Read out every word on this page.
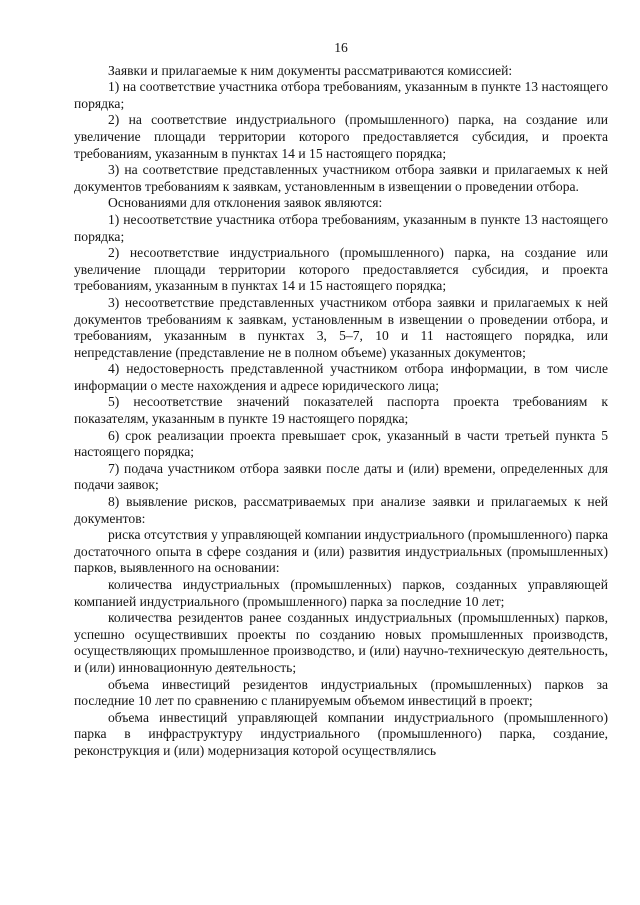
16

Заявки и прилагаемые к ним документы рассматриваются комиссией:

1) на соответствие участника отбора требованиям, указанным в пункте 13 настоящего порядка;

2) на соответствие индустриального (промышленного) парка, на создание или увеличение площади территории которого предоставляется субсидия, и проекта требованиям, указанным в пунктах 14 и 15 настоящего порядка;

3) на соответствие представленных участником отбора заявки и прилагаемых к ней документов требованиям к заявкам, установленным в извещении о проведении отбора.

Основаниями для отклонения заявок являются:

1) несоответствие участника отбора требованиям, указанным в пункте 13 настоящего порядка;

2) несоответствие индустриального (промышленного) парка, на создание или увеличение площади территории которого предоставляется субсидия, и проекта требованиям, указанным в пунктах 14 и 15 настоящего порядка;

3) несоответствие представленных участником отбора заявки и прилагаемых к ней документов требованиям к заявкам, установленным в извещении о проведении отбора, и требованиям, указанным в пунктах 3, 5–7, 10 и 11 настоящего порядка, или непредставление (представление не в полном объеме) указанных документов;

4) недостоверность представленной участником отбора информации, в том числе информации о месте нахождения и адресе юридического лица;

5) несоответствие значений показателей паспорта проекта требованиям к показателям, указанным в пункте 19 настоящего порядка;

6) срок реализации проекта превышает срок, указанный в части третьей пункта 5 настоящего порядка;

7) подача участником отбора заявки после даты и (или) времени, определенных для подачи заявок;

8) выявление рисков, рассматриваемых при анализе заявки и прилагаемых к ней документов:

риска отсутствия у управляющей компании индустриального (промышленного) парка достаточного опыта в сфере создания и (или) развития индустриальных (промышленных) парков, выявленного на основании:

количества индустриальных (промышленных) парков, созданных управляющей компанией индустриального (промышленного) парка за последние 10 лет;

количества резидентов ранее созданных индустриальных (промышленных) парков, успешно осуществивших проекты по созданию новых промышленных производств, осуществляющих промышленное производство, и (или) научно-техническую деятельность, и (или) инновационную деятельность;

объема инвестиций резидентов индустриальных (промышленных) парков за последние 10 лет по сравнению с планируемым объемом инвестиций в проект;

объема инвестиций управляющей компании индустриального (промышленного) парка в инфраструктуру индустриального (промышленного) парка, создание, реконструкция и (или) модернизация которой осуществлялись
